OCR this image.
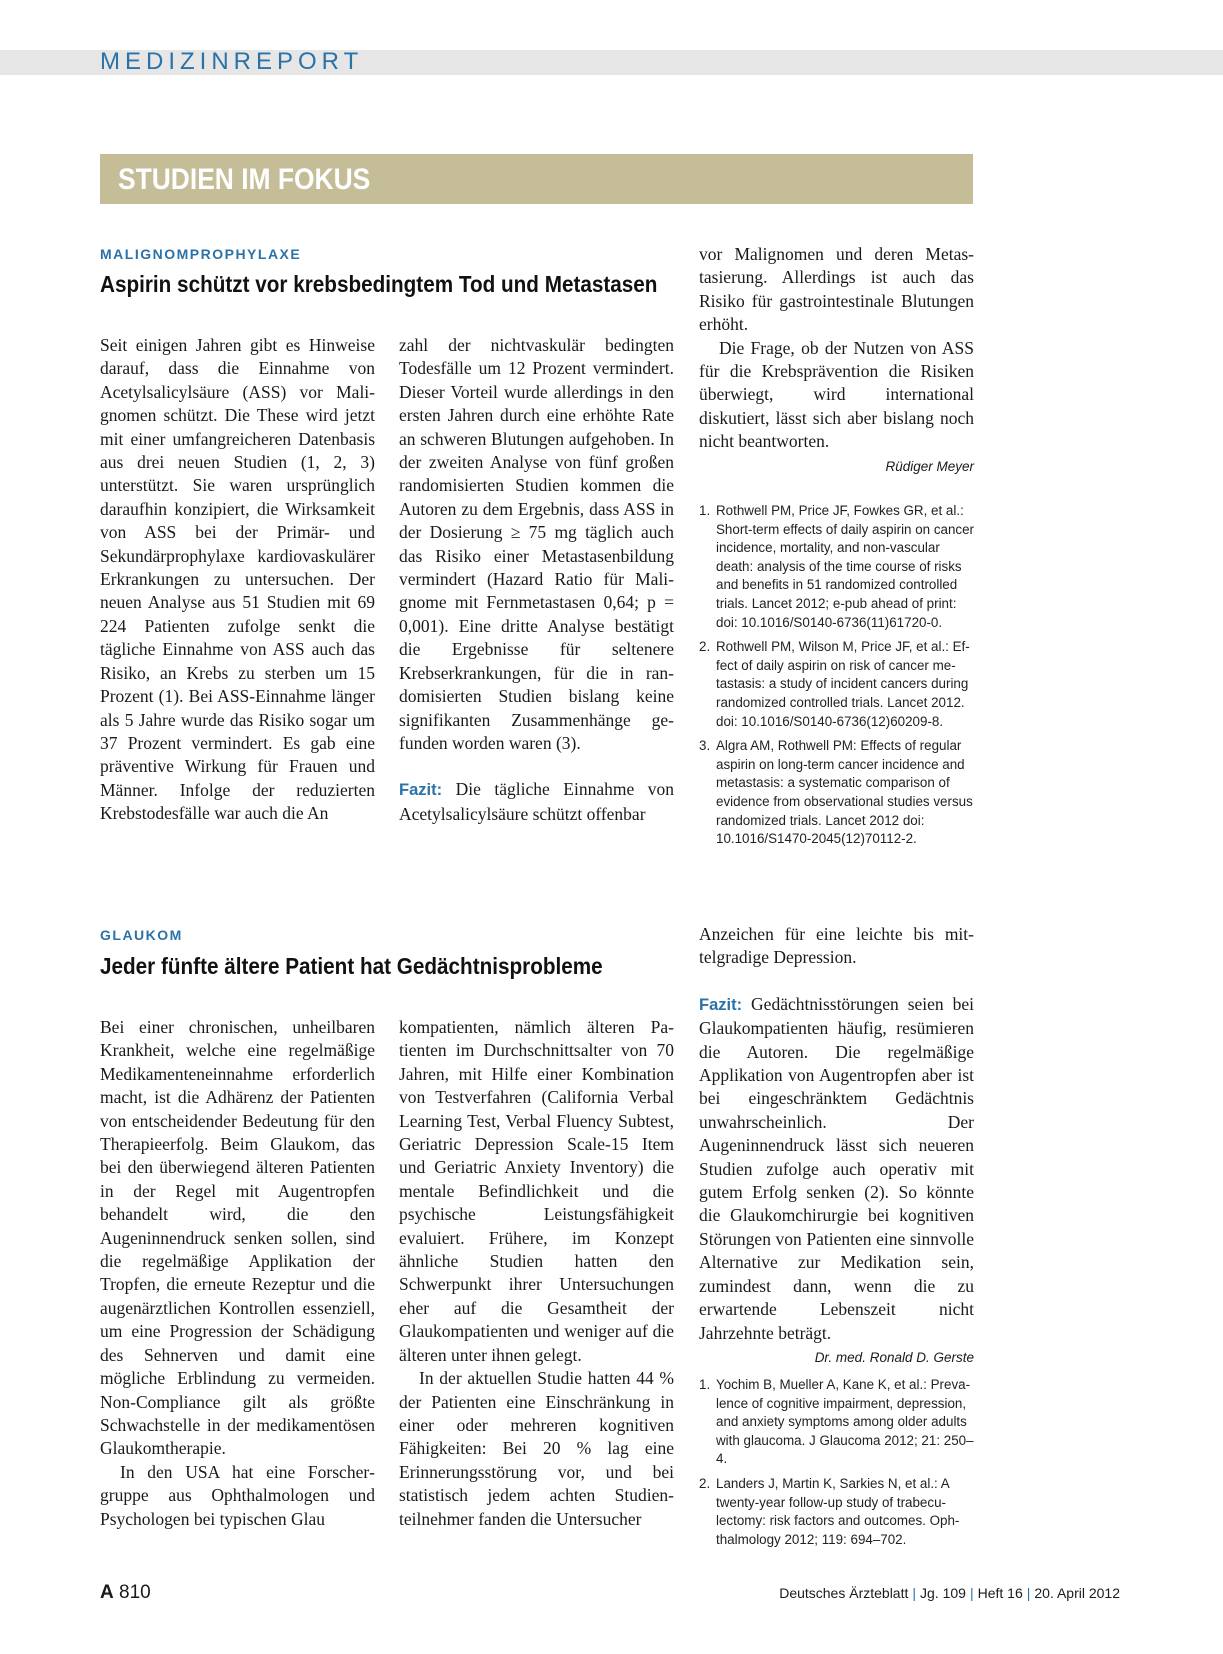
MEDIZINREPORT
STUDIEN IM FOKUS
MALIGNOMPROPHYLAXE
Aspirin schützt vor krebsbedingtem Tod und Metastasen

Seit einigen Jahren gibt es Hinweise darauf, dass die Einnahme von Acetylsalicylsäure (ASS) vor Malignomen schützt. Die These wird jetzt mit einer umfangreicheren Datenbasis aus drei neuen Studien (1, 2, 3) unterstützt. Sie waren ursprünglich daraufhin konzipiert, die Wirksamkeit von ASS bei der Primär- und Sekundärprophylaxe kardiovaskulärer Erkrankungen zu untersuchen. Der neuen Analyse aus 51 Studien mit 69 224 Patienten zufolge senkt die tägliche Einnahme von ASS auch das Risiko, an Krebs zu sterben um 15 Prozent (1). Bei ASS-Einnahme länger als 5 Jahre wurde das Risiko sogar um 37 Prozent vermindert. Es gab eine präventive Wirkung für Frauen und Männer. Infolge der reduzierten Krebstodesfälle war auch die An

zahl der nichtvaskulär bedingten Todesfälle um 12 Prozent vermindert. Dieser Vorteil wurde allerdings in den ersten Jahren durch eine erhöhte Rate an schweren Blutungen aufgehoben. In der zweiten Analyse von fünf großen randomisierten Studien kommen die Autoren zu dem Ergebnis, dass ASS in der Dosierung ≥ 75 mg täglich auch das Risiko einer Metastasenbildung vermindert (Hazard Ratio für Malignome mit Fernmetastasen 0,64; p = 0,001). Eine dritte Analyse bestätigt die Ergebnisse für seltenere Krebserkrankungen, für die in randomisierten Studien bislang keine signifikanten Zusammenhänge gefunden worden waren (3).

Fazit: Die tägliche Einnahme von Acetylsalicylsäure schützt offenbar

vor Malignomen und deren Metastasierung. Allerdings ist auch das Risiko für gastrointestinale Blutungen erhöht.

Die Frage, ob der Nutzen von ASS für die Krebsprävention die Risiken überwiegt, wird international diskutiert, lässt sich aber bislang noch nicht beantworten.

Rüdiger Meyer
1. Rothwell PM, Price JF, Fowkes GR, et al.: Short-term effects of daily aspirin on cancer incidence, mortality, and non-vascular death: analysis of the time course of risks and benefits in 51 randomized controlled trials. Lancet 2012; e-pub ahead of print: doi: 10.1016/S0140-6736(11)61720-0.
2. Rothwell PM, Wilson M, Price JF, et al.: Effect of daily aspirin on risk of cancer metastasis: a study of incident cancers during randomized controlled trials. Lancet 2012. doi: 10.1016/S0140-6736(12)60209-8.
3. Algra AM, Rothwell PM: Effects of regular aspirin on long-term cancer incidence and metastasis: a systematic comparison of evidence from observational studies versus randomized trials. Lancet 2012 doi: 10.1016/S1470-2045(12)70112-2.
GLAUKOM
Jeder fünfte ältere Patient hat Gedächtnisprobleme

Bei einer chronischen, unheilbaren Krankheit, welche eine regelmäßige Medikamenteneinnahme erforderlich macht, ist die Adhärenz der Patienten von entscheidender Bedeutung für den Therapieerfolg. Beim Glaukom, das bei den überwiegend älteren Patienten in der Regel mit Augentropfen behandelt wird, die den Augeninnendruck senken sollen, sind die regelmäßige Applikation der Tropfen, die erneute Rezeptur und die augenärztlichen Kontrollen essenziell, um eine Progression der Schädigung des Sehnerven und damit eine mögliche Erblindung zu vermeiden. Non-Compliance gilt als größte Schwachstelle in der medikamentösen Glaukomtherapie.

In den USA hat eine Forschergruppe aus Ophthalmologen und Psychologen bei typischen Glau

kompatienten, nämlich älteren Patienten im Durchschnittsalter von 70 Jahren, mit Hilfe einer Kombination von Testverfahren (California Verbal Learning Test, Verbal Fluency Subtest, Geriatric Depression Scale-15 Item und Geriatric Anxiety Inventory) die mentale Befindlichkeit und die psychische Leistungsfähigkeit evaluiert. Frühere, im Konzept ähnliche Studien hatten den Schwerpunkt ihrer Untersuchungen eher auf die Gesamtheit der Glaukompatienten und weniger auf die älteren unter ihnen gelegt.

In der aktuellen Studie hatten 44 % der Patienten eine Einschränkung in einer oder mehreren kognitiven Fähigkeiten: Bei 20 % lag eine Erinnerungsstörung vor, und bei statistisch jedem achten Studienteilnehmer fanden die Untersucher

Anzeichen für eine leichte bis mittelgradige Depression.

Fazit: Gedächtnisstörungen seien bei Glaukompatienten häufig, resümieren die Autoren. Die regelmäßige Applikation von Augentropfen aber ist bei eingeschränktem Gedächtnis unwahrscheinlich. Der Augeninnendruck lässt sich neueren Studien zufolge auch operativ mit gutem Erfolg senken (2). So könnte die Glaukomchirurgie bei kognitiven Störungen von Patienten eine sinnvolle Alternative zur Medikation sein, zumindest dann, wenn die zu erwartende Lebenszeit nicht Jahrzehnte beträgt.

Dr. med. Ronald D. Gerste
1. Yochim B, Mueller A, Kane K, et al.: Prevalence of cognitive impairment, depression, and anxiety symptoms among older adults with glaucoma. J Glaucoma 2012; 21: 250–4.
2. Landers J, Martin K, Sarkies N, et al.: A twenty-year follow-up study of trabeculectomy: risk factors and outcomes. Ophthalmology 2012; 119: 694–702.
A 810	Deutsches Ärzteblatt | Jg. 109 | Heft 16 | 20. April 2012
